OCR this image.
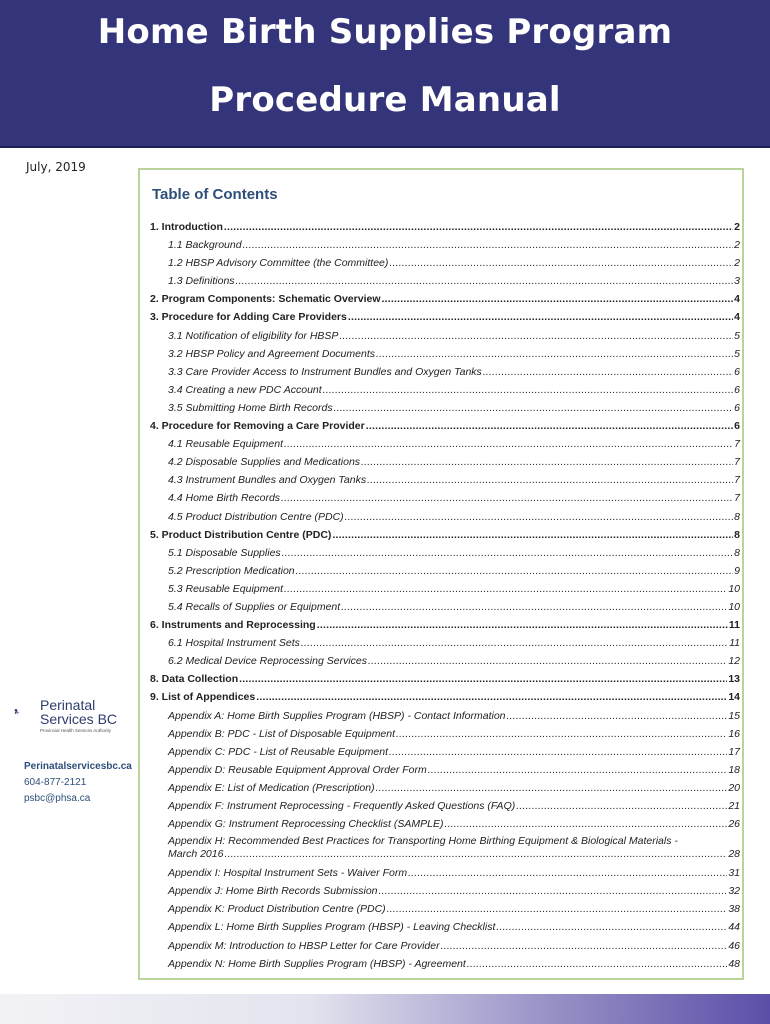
Home Birth Supplies Program
Procedure Manual
July, 2019
Table of Contents
1. Introduction .....	2
1.1 Background .....	2
1.2 HBSP Advisory Committee (the Committee) .....	2
1.3 Definitions .....	3
2. Program Components: Schematic Overview .....	4
3. Procedure for Adding Care Providers .....	4
3.1 Notification of eligibility for HBSP .....	5
3.2 HBSP Policy and Agreement Documents .....	5
3.3 Care Provider Access to Instrument Bundles and Oxygen Tanks .....	6
3.4 Creating a new PDC Account .....	6
3.5 Submitting Home Birth Records .....	6
4. Procedure for Removing a Care Provider .....	6
4.1 Reusable Equipment .....	7
4.2 Disposable Supplies and Medications .....	7
4.3 Instrument Bundles and Oxygen Tanks .....	7
4.4 Home Birth Records .....	7
4.5 Product Distribution Centre (PDC) .....	8
5. Product Distribution Centre (PDC) .....	8
5.1 Disposable Supplies .....	8
5.2 Prescription Medication .....	9
5.3 Reusable Equipment .....	10
5.4 Recalls of Supplies or Equipment .....	10
6. Instruments and Reprocessing .....	11
6.1 Hospital Instrument Sets .....	11
6.2 Medical Device Reprocessing Services .....	12
8. Data Collection .....	13
9. List of Appendices .....	14
Appendix A: Home Birth Supplies Program (HBSP) - Contact Information .....	15
Appendix B: PDC - List of Disposable Equipment .....	16
Appendix C: PDC - List of Reusable Equipment .....	17
Appendix D: Reusable Equipment Approval Order Form .....	18
Appendix E: List of Medication (Prescription) .....	20
Appendix F: Instrument Reprocessing - Frequently Asked Questions (FAQ) .....	21
Appendix G: Instrument Reprocessing Checklist (SAMPLE) .....	26
Appendix H: Recommended Best Practices for Transporting Home Birthing Equipment & Biological Materials -
March 2016 .....	28
Appendix I: Hospital Instrument Sets - Waiver Form .....	31
Appendix J: Home Birth Records Submission .....	32
Appendix K: Product Distribution Centre (PDC) .....	38
Appendix L: Home Birth Supplies Program (HBSP) - Leaving Checklist .....	44
Appendix M: Introduction to HBSP Letter for Care Provider .....	46
Appendix N: Home Birth Supplies Program (HBSP) - Agreement .....	48
Perinatal
Services BC
Provincial Health Services Authority
Perinatalservicesbc.ca
604-877-2121
psbc@phsa.ca
